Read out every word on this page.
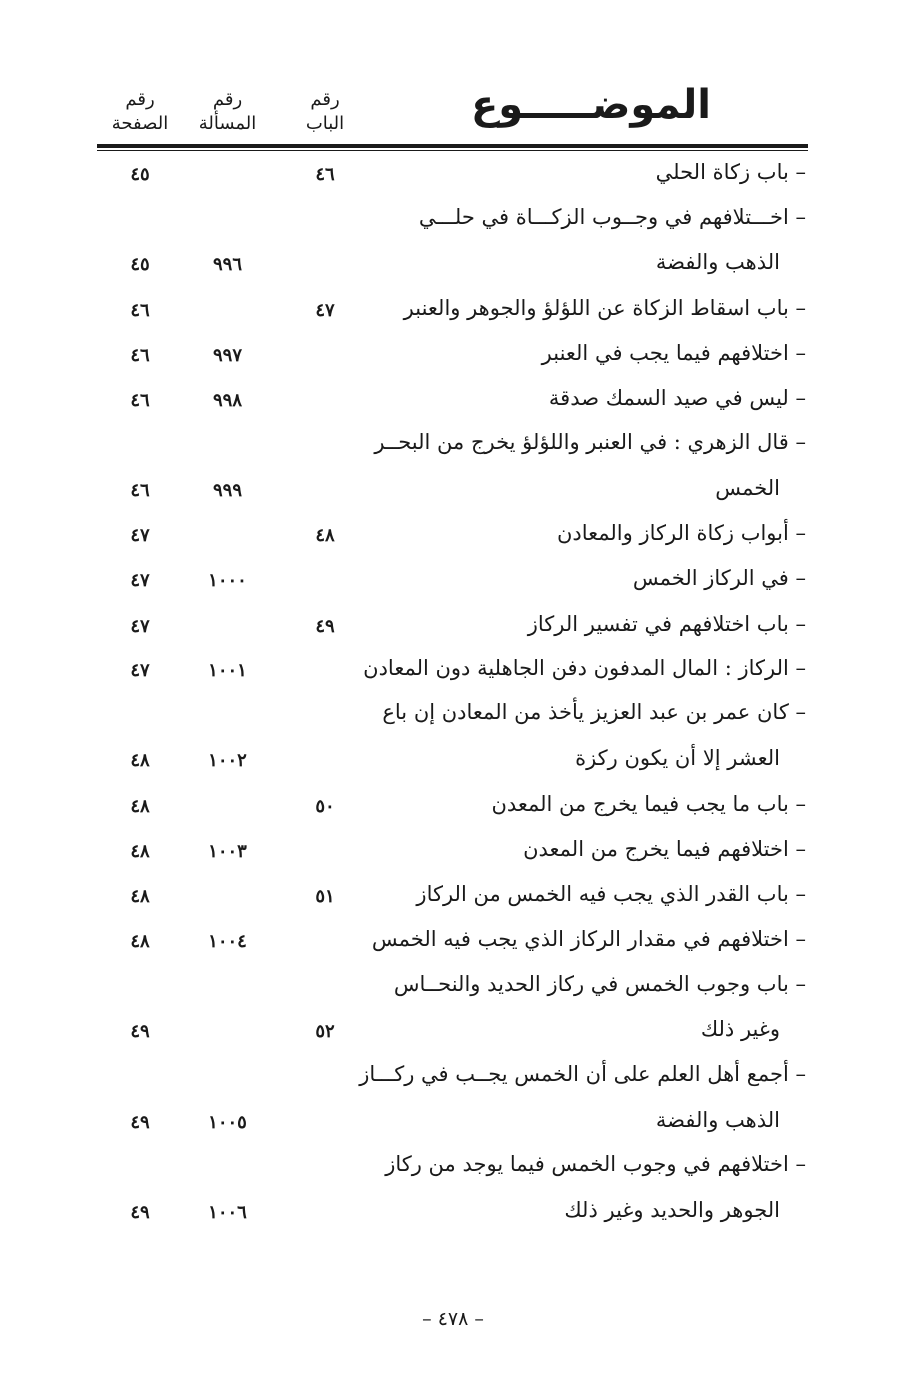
الموضـــــوع
رقم
الباب
رقم
المسألة
رقم
الصفحة
– باب زكاة الحلي
٤٦
٤٥
– اخـــتلافهم في وجــوب الزكـــاة في حلـــي
الذهب والفضة
٩٩٦
٤٥
– باب اسقاط الزكاة عن اللؤلؤ والجوهر والعنبر
٤٧
٤٦
– اختلافهم فيما يجب في العنبر
٩٩٧
٤٦
– ليس في صيد السمك صدقة
٩٩٨
٤٦
– قال الزهري : في العنبر واللؤلؤ يخرج من البحــر
الخمس
٩٩٩
٤٦
– أبواب زكاة الركاز والمعادن
٤٨
٤٧
– في الركاز الخمس
١٠٠٠
٤٧
– باب اختلافهم في تفسير الركاز
٤٩
٤٧
– الركاز : المال المدفون دفن الجاهلية دون المعادن
١٠٠١
٤٧
– كان عمر بن عبد العزيز يأخذ من المعادن إن باع
العشر إلا أن يكون ركزة
١٠٠٢
٤٨
– باب ما يجب فيما يخرج من المعدن
٥٠
٤٨
– اختلافهم فيما يخرج من المعدن
١٠٠٣
٤٨
– باب القدر الذي يجب فيه الخمس من الركاز
٥١
٤٨
– اختلافهم في مقدار الركاز الذي يجب فيه الخمس
١٠٠٤
٤٨
– باب وجوب الخمس في ركاز الحديد والنحــاس
وغير ذلك
٥٢
٤٩
– أجمع أهل العلم على أن الخمس يجــب في ركـــاز
الذهب والفضة
١٠٠٥
٤٩
– اختلافهم في وجوب الخمس فيما يوجد من ركاز
الجوهر والحديد وغير ذلك
١٠٠٦
٤٩
– ٤٧٨ –
